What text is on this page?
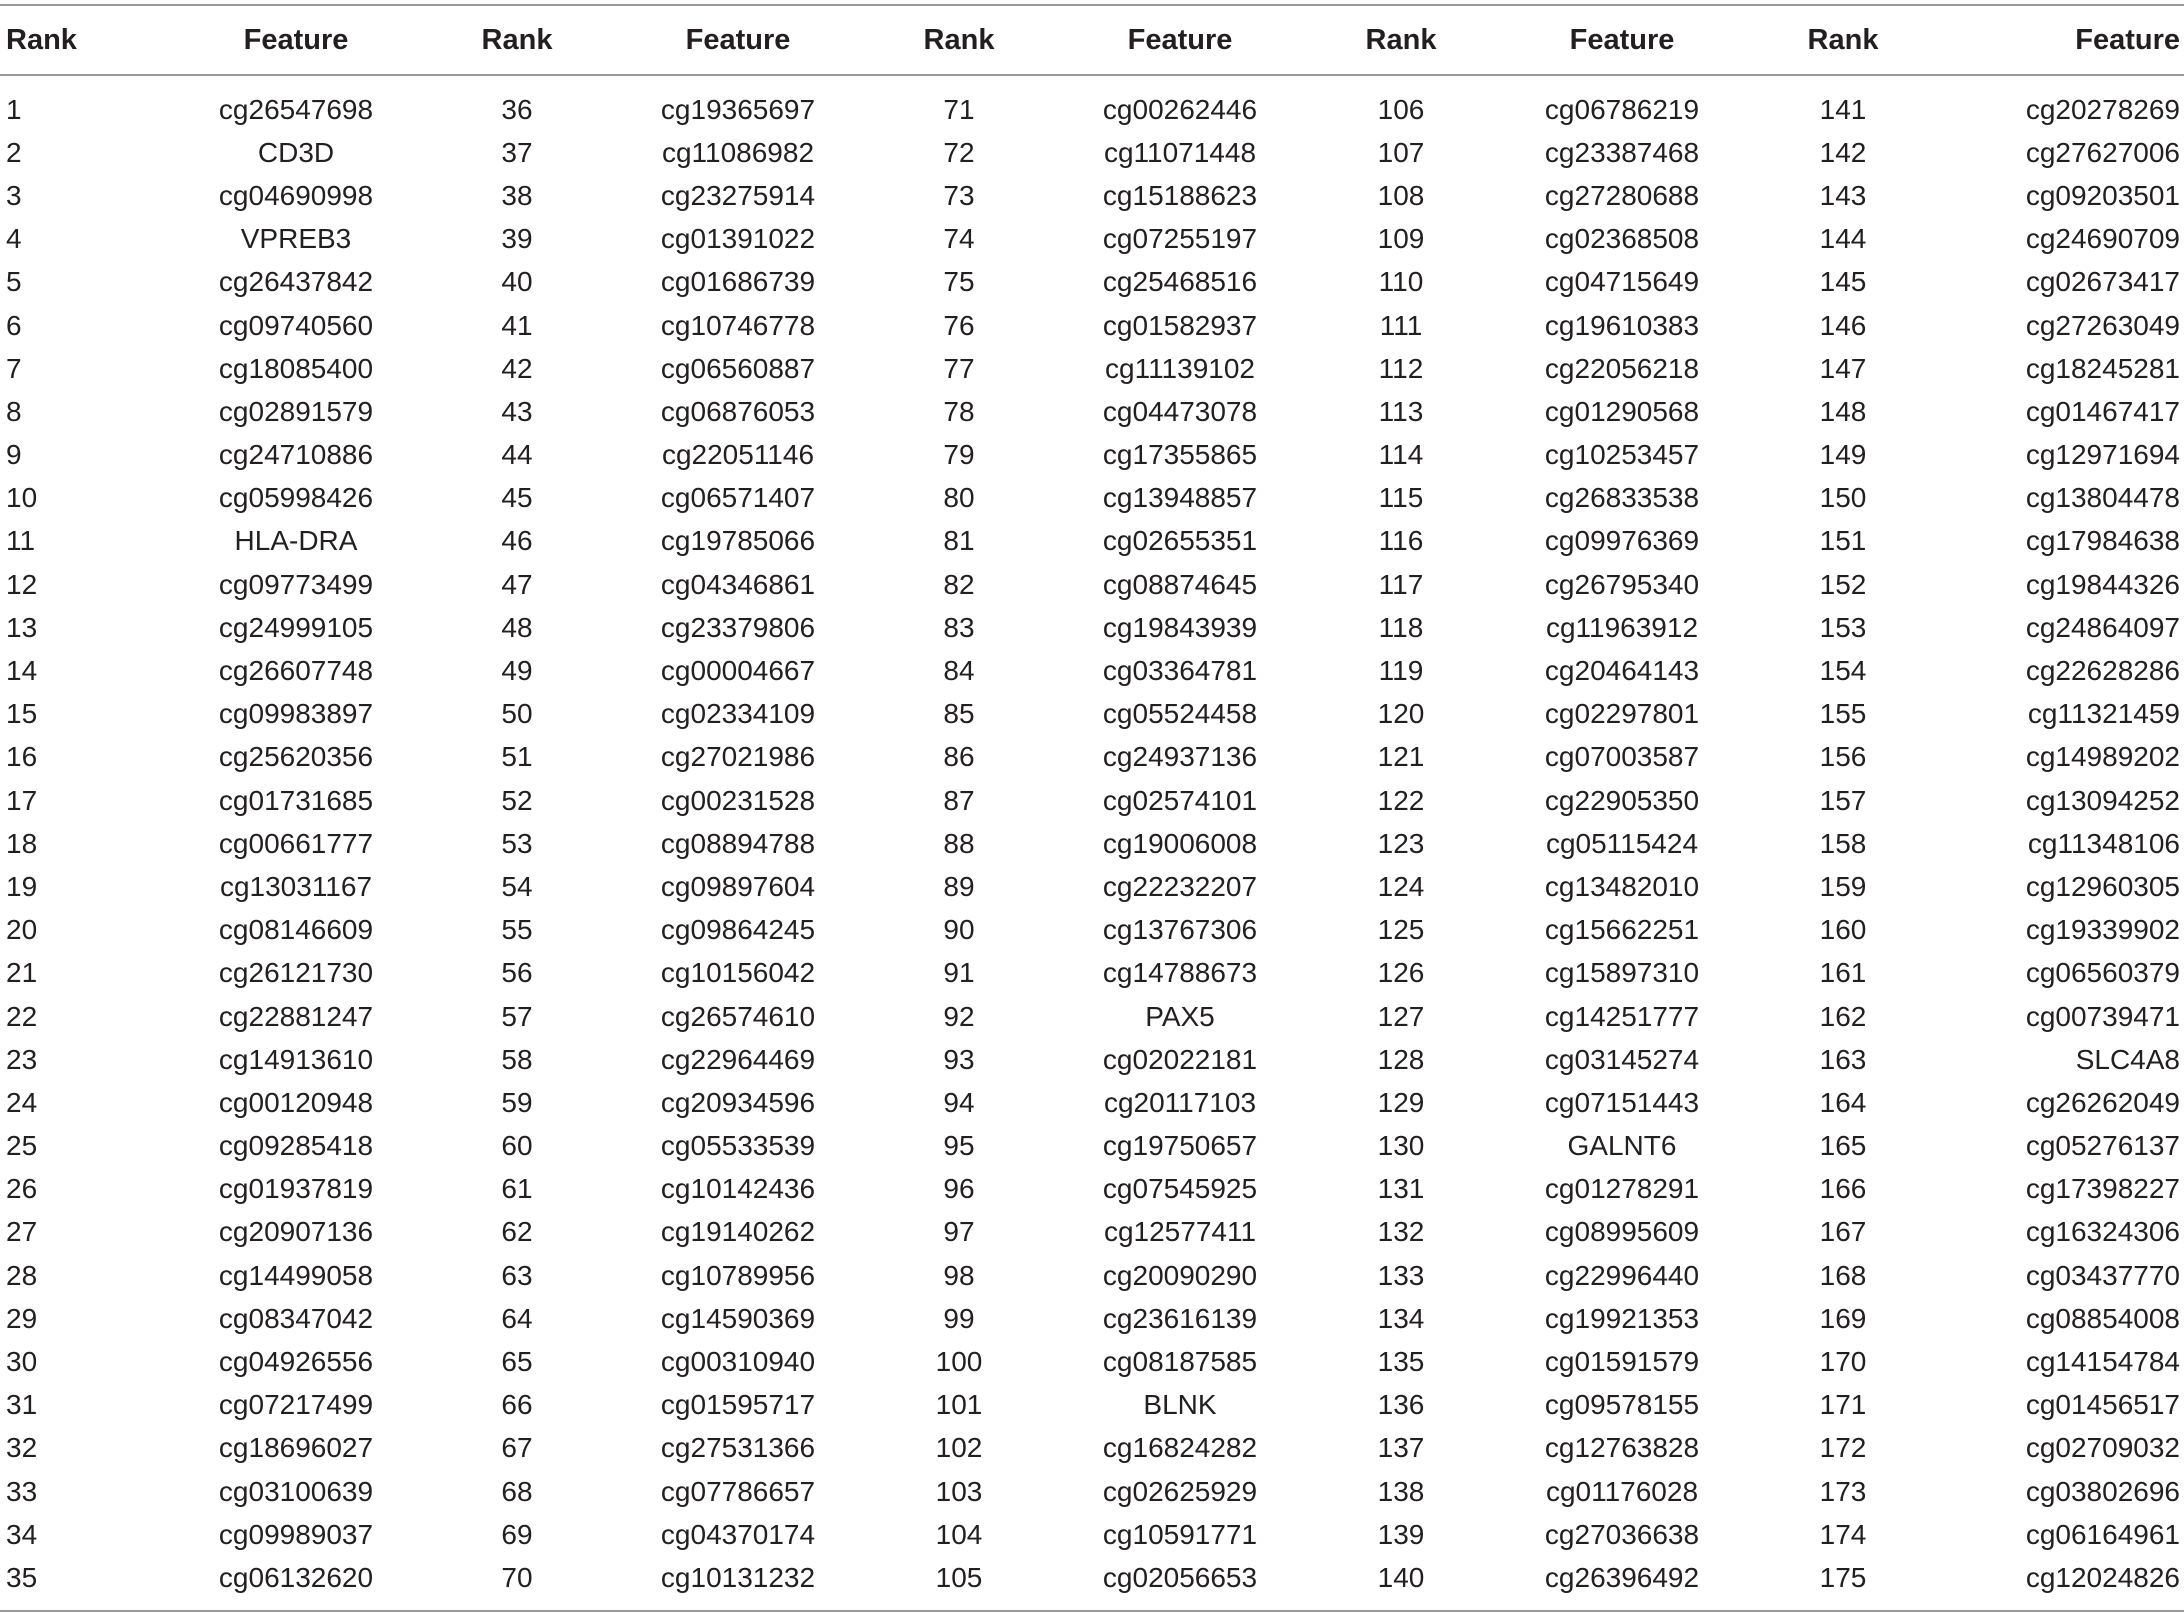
Rank	Feature	Rank	Feature	Rank	Feature	Rank	Feature	Rank	Feature
1	cg26547698	36	cg19365697	71	cg00262446	106	cg06786219	141	cg20278269
2	CD3D	37	cg11086982	72	cg11071448	107	cg23387468	142	cg27627006
3	cg04690998	38	cg23275914	73	cg15188623	108	cg27280688	143	cg09203501
4	VPREB3	39	cg01391022	74	cg07255197	109	cg02368508	144	cg24690709
5	cg26437842	40	cg01686739	75	cg25468516	110	cg04715649	145	cg02673417
6	cg09740560	41	cg10746778	76	cg01582937	111	cg19610383	146	cg27263049
7	cg18085400	42	cg06560887	77	cg11139102	112	cg22056218	147	cg18245281
8	cg02891579	43	cg06876053	78	cg04473078	113	cg01290568	148	cg01467417
9	cg24710886	44	cg22051146	79	cg17355865	114	cg10253457	149	cg12971694
10	cg05998426	45	cg06571407	80	cg13948857	115	cg26833538	150	cg13804478
11	HLA-DRA	46	cg19785066	81	cg02655351	116	cg09976369	151	cg17984638
12	cg09773499	47	cg04346861	82	cg08874645	117	cg26795340	152	cg19844326
13	cg24999105	48	cg23379806	83	cg19843939	118	cg11963912	153	cg24864097
14	cg26607748	49	cg00004667	84	cg03364781	119	cg20464143	154	cg22628286
15	cg09983897	50	cg02334109	85	cg05524458	120	cg02297801	155	cg11321459
16	cg25620356	51	cg27021986	86	cg24937136	121	cg07003587	156	cg14989202
17	cg01731685	52	cg00231528	87	cg02574101	122	cg22905350	157	cg13094252
18	cg00661777	53	cg08894788	88	cg19006008	123	cg05115424	158	cg11348106
19	cg13031167	54	cg09897604	89	cg22232207	124	cg13482010	159	cg12960305
20	cg08146609	55	cg09864245	90	cg13767306	125	cg15662251	160	cg19339902
21	cg26121730	56	cg10156042	91	cg14788673	126	cg15897310	161	cg06560379
22	cg22881247	57	cg26574610	92	PAX5	127	cg14251777	162	cg00739471
23	cg14913610	58	cg22964469	93	cg02022181	128	cg03145274	163	SLC4A8
24	cg00120948	59	cg20934596	94	cg20117103	129	cg07151443	164	cg26262049
25	cg09285418	60	cg05533539	95	cg19750657	130	GALNT6	165	cg05276137
26	cg01937819	61	cg10142436	96	cg07545925	131	cg01278291	166	cg17398227
27	cg20907136	62	cg19140262	97	cg12577411	132	cg08995609	167	cg16324306
28	cg14499058	63	cg10789956	98	cg20090290	133	cg22996440	168	cg03437770
29	cg08347042	64	cg14590369	99	cg23616139	134	cg19921353	169	cg08854008
30	cg04926556	65	cg00310940	100	cg08187585	135	cg01591579	170	cg14154784
31	cg07217499	66	cg01595717	101	BLNK	136	cg09578155	171	cg01456517
32	cg18696027	67	cg27531366	102	cg16824282	137	cg12763828	172	cg02709032
33	cg03100639	68	cg07786657	103	cg02625929	138	cg01176028	173	cg03802696
34	cg09989037	69	cg04370174	104	cg10591771	139	cg27036638	174	cg06164961
35	cg06132620	70	cg10131232	105	cg02056653	140	cg26396492	175	cg12024826
